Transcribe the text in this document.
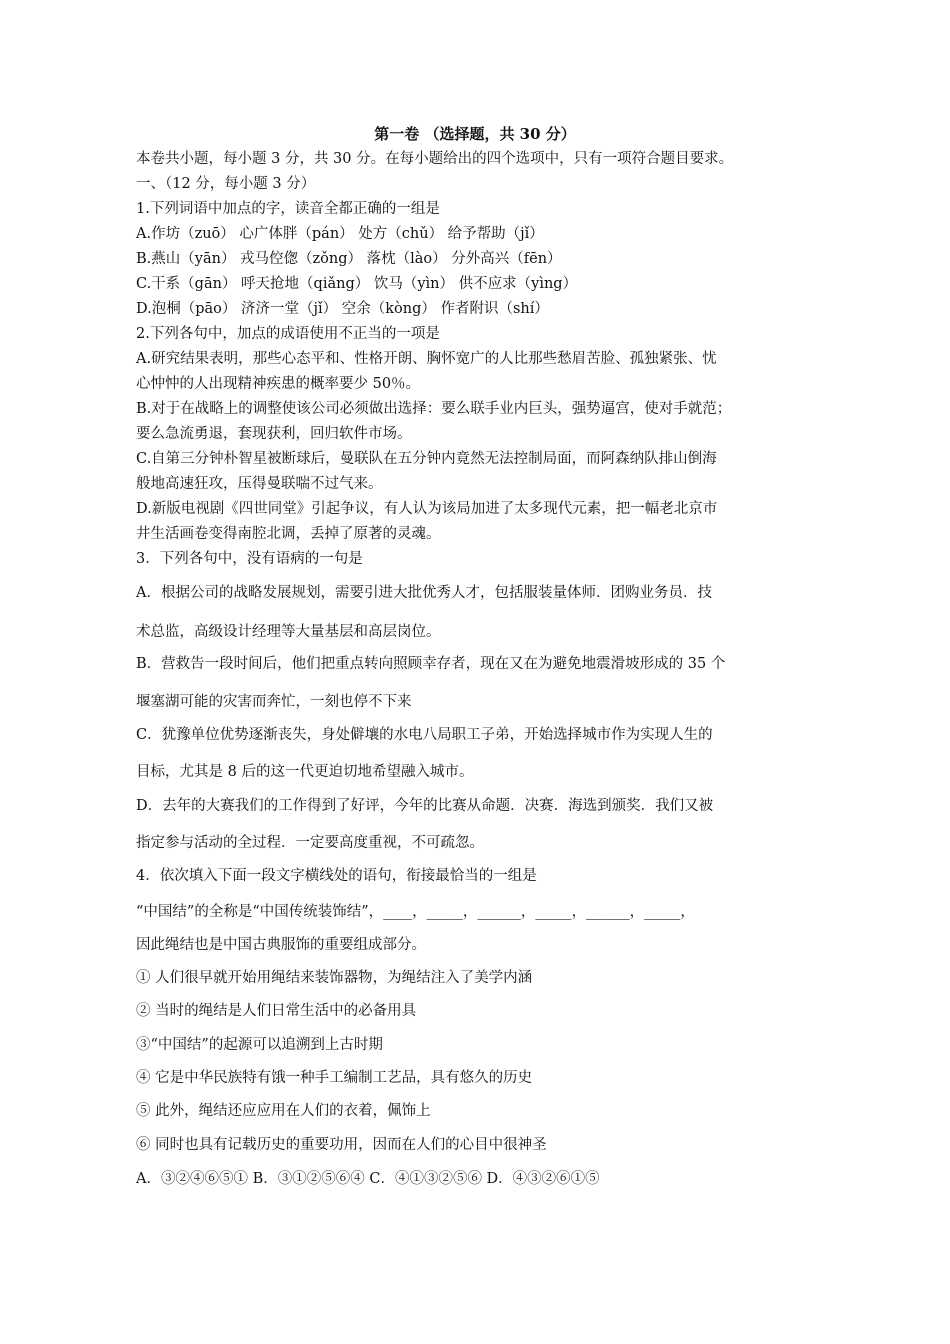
第一卷 （选择题，共 30 分）
本卷共小题，每小题 3 分，共 30 分。在每小题给出的四个选项中，只有一项符合题目要求。
一、（12 分，每小题 3 分）
1.下列词语中加点的字，读音全都正确的一组是
A.作坊（zuō） 心广体胖（pán） 处方（chǔ） 给予帮助（jǐ）
B.燕山（yān） 戎马倥偬（zǒng） 落枕（lào） 分外高兴（fēn）
C.干系（gān） 呼天抢地（qiǎng） 饮马（yìn） 供不应求（yìng）
D.泡桐（pāo） 济济一堂（jǐ） 空余（kòng） 作者附识（shí）
2.下列各句中，加点的成语使用不正当的一项是
A.研究结果表明，那些心态平和、性格开朗、胸怀宽广的人比那些愁眉苦脸、孤独紧张、忧
心忡忡的人出现精神疾患的概率要少 50％。
B.对于在战略上的调整使该公司必须做出选择：要么联手业内巨头，强势逼宫，使对手就范；
要么急流勇退，套现获利，回归软件市场。
C.自第三分钟朴智星被断球后，曼联队在五分钟内竟然无法控制局面，而阿森纳队排山倒海
般地高速狂攻，压得曼联喘不过气来。
D.新版电视剧《四世同堂》引起争议，有人认为该局加进了太多现代元素，把一幅老北京市
井生活画卷变得南腔北调，丢掉了原著的灵魂。
3．下列各句中，没有语病的一句是
A．根据公司的战略发展规划，需要引进大批优秀人才，包括服装量体师．团购业务员．技
术总监，高级设计经理等大量基层和高层岗位。
B．营救告一段时间后，他们把重点转向照顾幸存者，现在又在为避免地震滑坡形成的 35 个
堰塞湖可能的灾害而奔忙，一刻也停不下来
C．犹豫单位优势逐渐丧失，身处僻壤的水电八局职工子弟，开始选择城市作为实现人生的
目标，尤其是 8 后的这一代更迫切地希望融入城市。
D．去年的大赛我们的工作得到了好评，今年的比赛从命题．决赛．海选到颁奖．我们又被
指定参与活动的全过程．一定要高度重视，不可疏忽。
4．依次填入下面一段文字横线处的语句，衔接最恰当的一组是
“中国结”的全称是“中国传统装饰结”，____，_____，______，_____，______，_____，
因此绳结也是中国古典服饰的重要组成部分。
① 人们很早就开始用绳结来装饰器物，为绳结注入了美学内涵
② 当时的绳结是人们日常生活中的必备用具
③“中国结”的起源可以追溯到上古时期
④ 它是中华民族特有饿一种手工编制工艺品，具有悠久的历史
⑤ 此外，绳结还应应用在人们的衣着，佩饰上
⑥ 同时也具有记载历史的重要功用，因而在人们的心目中很神圣
A．③②④⑥⑤① B．③①②⑤⑥④ C．④①③②⑤⑥ D．④③②⑥①⑤
